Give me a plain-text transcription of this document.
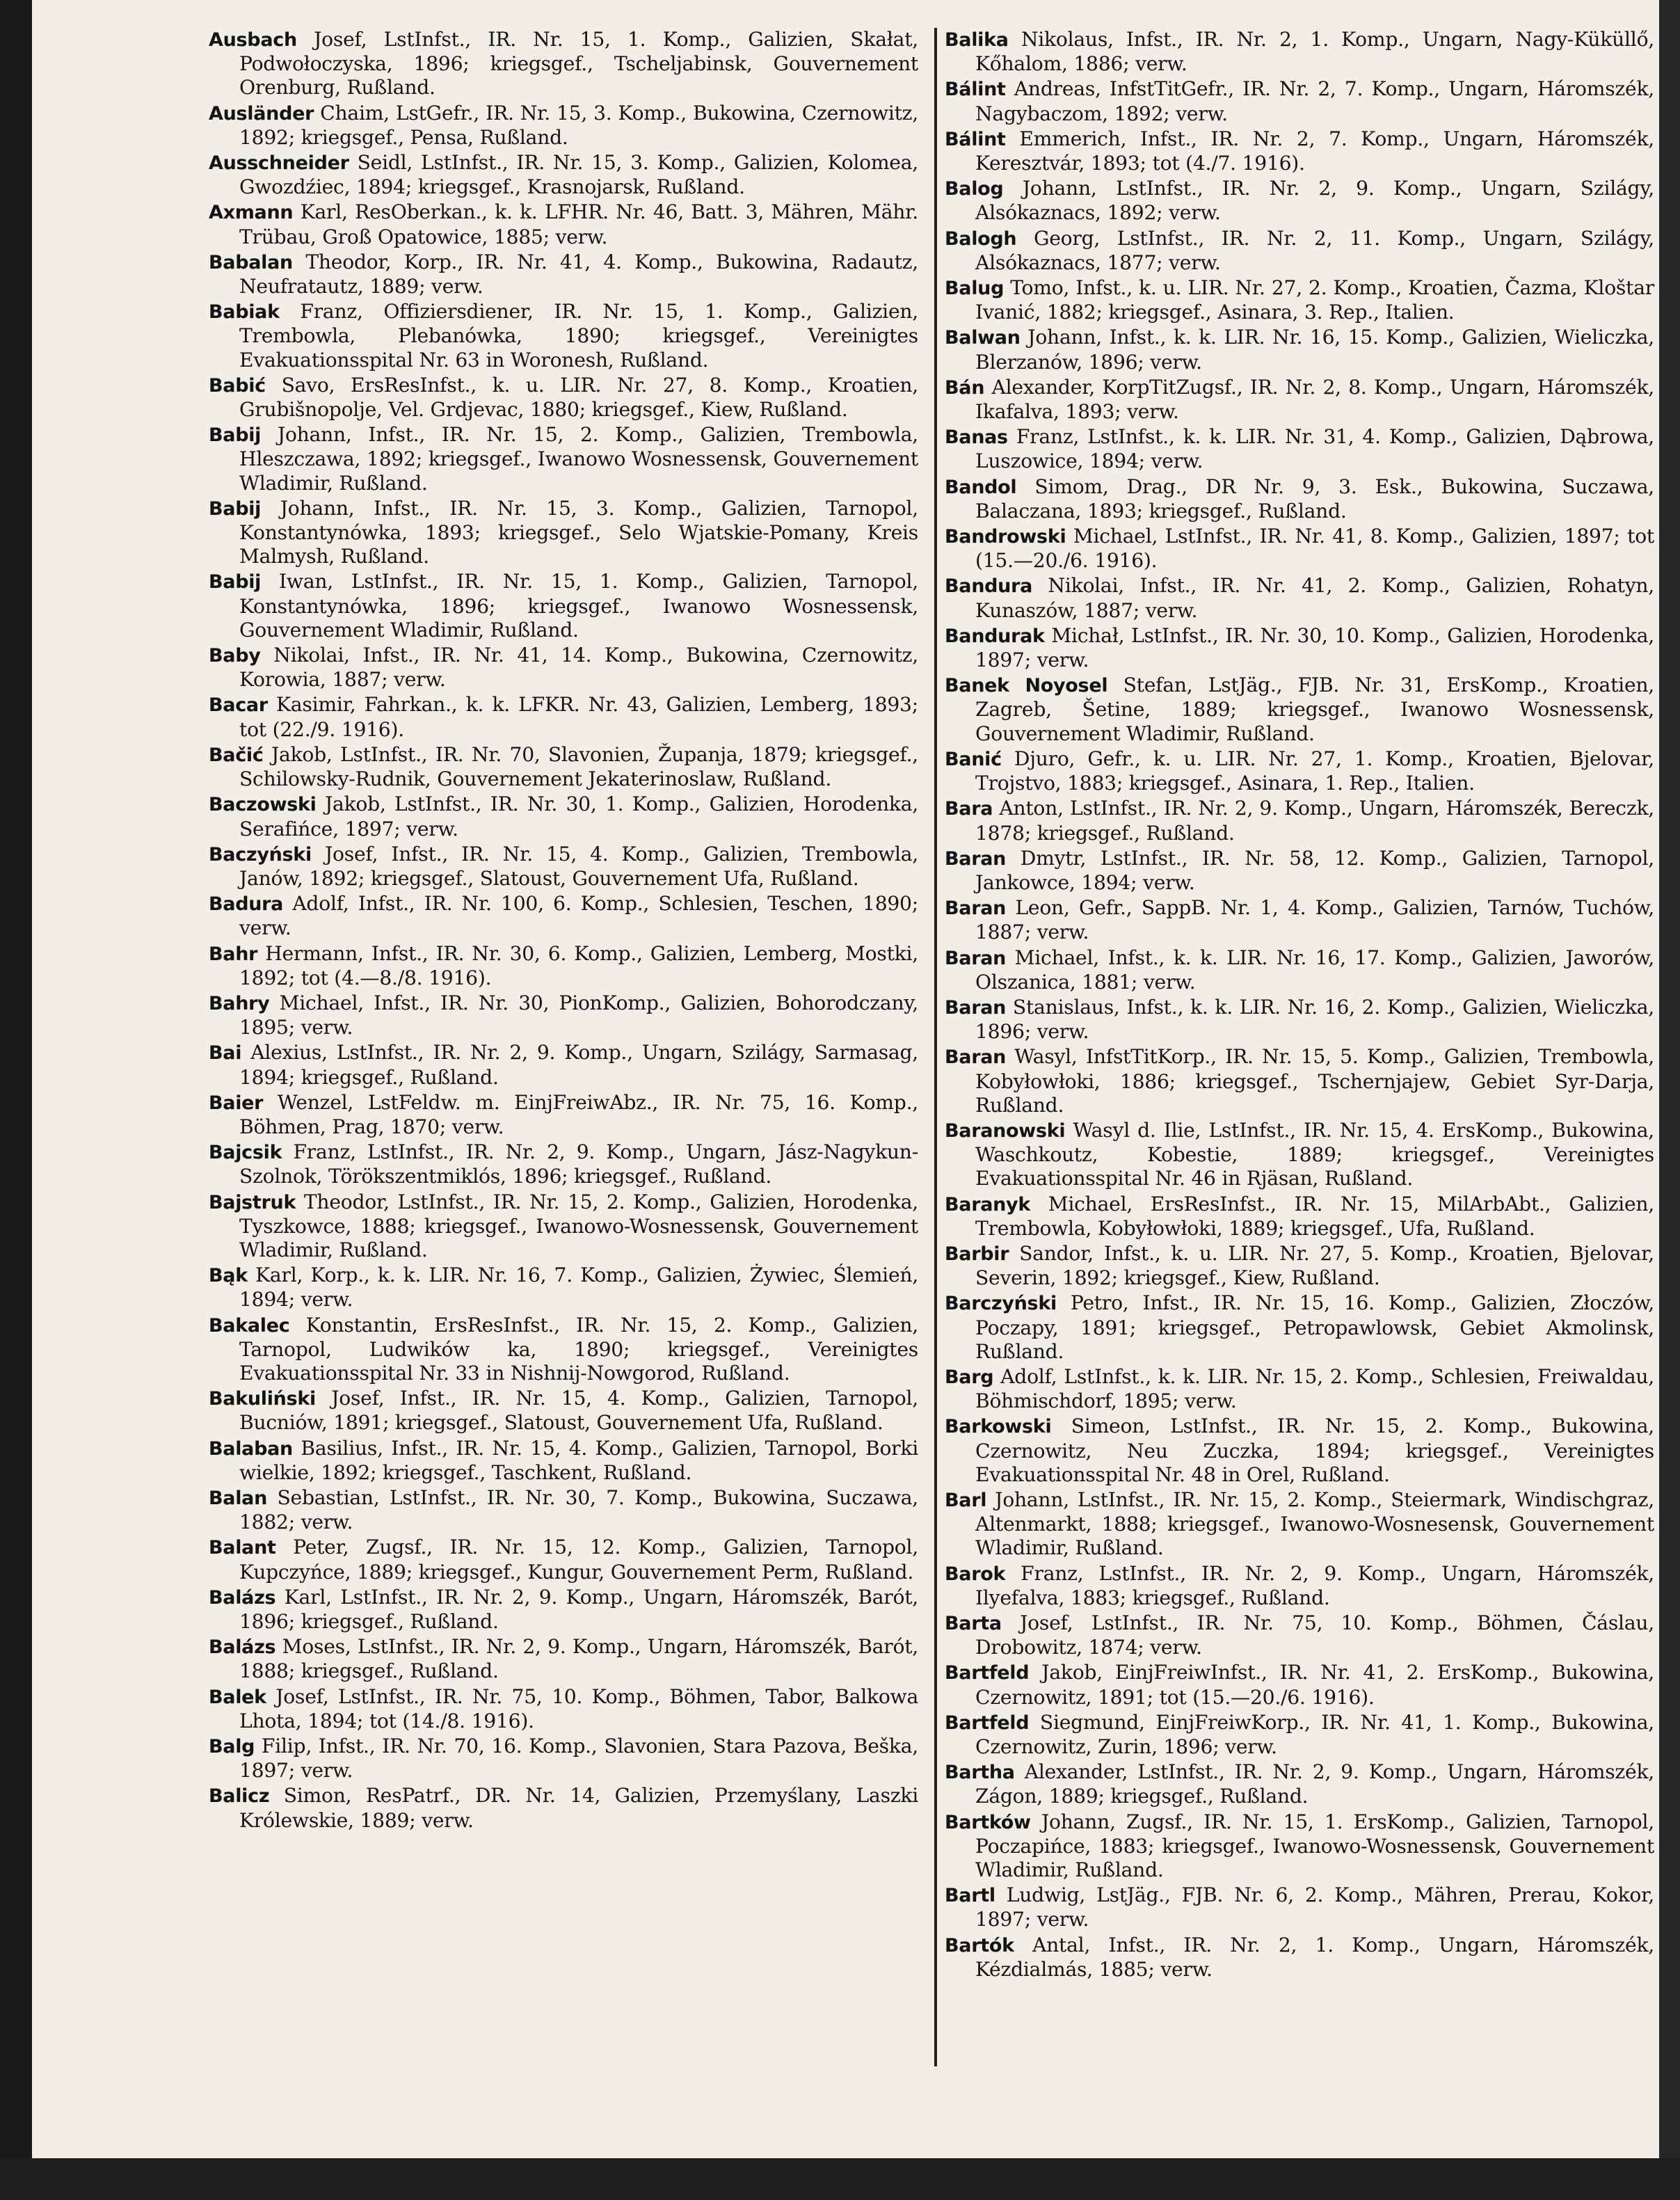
Ausbach Josef, LstInfst., IR. Nr. 15, 1. Komp., Galizien, Skałat, Podwołoczyska, 1896; kriegsgef., Tscheljabinsk, Gouvernement Orenburg, Rußland.

Ausländer Chaim, LstGefr., IR. Nr. 15, 3. Komp., Bukowina, Czernowitz, 1892; kriegsgef., Pensa, Rußland.

Ausschneider Seidl, LstInfst., IR. Nr. 15, 3. Komp., Galizien, Kolomea, Gwozdźiec, 1894; kriegsgef., Krasnojarsk, Rußland.

Axmann Karl, ResOberkan., k. k. LFHR. Nr. 46, Batt. 3, Mähren, Mähr. Trübau, Groß Opatowice, 1885; verw.

Babalan Theodor, Korp., IR. Nr. 41, 4. Komp., Bukowina, Radautz, Neufratautz, 1889; verw.

Babiak Franz, Offiziersdiener, IR. Nr. 15, 1. Komp., Galizien, Trembowla, Plebanówka, 1890; kriegsgef., Vereinigtes Evakuationsspital Nr. 63 in Woronesh, Rußland.

Babić Savo, ErsResInfst., k. u. LIR. Nr. 27, 8. Komp., Kroatien, Grubišnopolje, Vel. Grdjevac, 1880; kriegsgef., Kiew, Rußland.

Babij Johann, Infst., IR. Nr. 15, 2. Komp., Galizien, Trembowla, Hleszczawa, 1892; kriegsgef., Iwanowo Wosnessensk, Gouvernement Wladimir, Rußland.

Babij Johann, Infst., IR. Nr. 15, 3. Komp., Galizien, Tarnopol, Konstantynówka, 1893; kriegsgef., Selo Wjatskie-Pomany, Kreis Malmysh, Rußland.

Babij Iwan, LstInfst., IR. Nr. 15, 1. Komp., Galizien, Tarnopol, Konstantynówka, 1896; kriegsgef., Iwanowo Wosnessensk, Gouvernement Wladimir, Rußland.

Baby Nikolai, Infst., IR. Nr. 41, 14. Komp., Bukowina, Czernowitz, Korowia, 1887; verw.

Bacar Kasimir, Fahrkan., k. k. LFKR. Nr. 43, Galizien, Lemberg, 1893; tot (22./9. 1916).

Bačić Jakob, LstInfst., IR. Nr. 70, Slavonien, Županja, 1879; kriegsgef., Schilowsky-Rudnik, Gouvernement Jekaterinoslaw, Rußland.

Baczowski Jakob, LstInfst., IR. Nr. 30, 1. Komp., Galizien, Horodenka, Serafińce, 1897; verw.

Baczyński Josef, Infst., IR. Nr. 15, 4. Komp., Galizien, Trembowla, Janów, 1892; kriegsgef., Slatoust, Gouvernement Ufa, Rußland.

Badura Adolf, Infst., IR. Nr. 100, 6. Komp., Schlesien, Teschen, 1890; verw.

Bahr Hermann, Infst., IR. Nr. 30, 6. Komp., Galizien, Lemberg, Mostki, 1892; tot (4.—8./8. 1916).

Bahry Michael, Infst., IR. Nr. 30, PionKomp., Galizien, Bohorodczany, 1895; verw.

Bai Alexius, LstInfst., IR. Nr. 2, 9. Komp., Ungarn, Szilágy, Sarmasag, 1894; kriegsgef., Rußland.

Baier Wenzel, LstFeldw. m. EinjFreiwAbz., IR. Nr. 75, 16. Komp., Böhmen, Prag, 1870; verw.

Bajcsik Franz, LstInfst., IR. Nr. 2, 9. Komp., Ungarn, Jász-Nagykun-Szolnok, Törökszentmiklós, 1896; kriegsgef., Rußland.

Bajstruk Theodor, LstInfst., IR. Nr. 15, 2. Komp., Galizien, Horodenka, Tyszkowce, 1888; kriegsgef., Iwanowo-Wosnessensk, Gouvernement Wladimir, Rußland.

Bąk Karl, Korp., k. k. LIR. Nr. 16, 7. Komp., Galizien, Żywiec, Ślemień, 1894; verw.

Bakalec Konstantin, ErsResInfst., IR. Nr. 15, 2. Komp., Galizien, Tarnopol, Ludwików ka, 1890; kriegsgef., Vereinigtes Evakuationsspital Nr. 33 in Nishnij-Nowgorod, Rußland.

Bakuliński Josef, Infst., IR. Nr. 15, 4. Komp., Galizien, Tarnopol, Bucniów, 1891; kriegsgef., Slatoust, Gouvernement Ufa, Rußland.

Balaban Basilius, Infst., IR. Nr. 15, 4. Komp., Galizien, Tarnopol, Borki wielkie, 1892; kriegsgef., Taschkent, Rußland.

Balan Sebastian, LstInfst., IR. Nr. 30, 7. Komp., Bukowina, Suczawa, 1882; verw.

Balant Peter, Zugsf., IR. Nr. 15, 12. Komp., Galizien, Tarnopol, Kupczyńce, 1889; kriegsgef., Kungur, Gouvernement Perm, Rußland.

Balázs Karl, LstInfst., IR. Nr. 2, 9. Komp., Ungarn, Háromszék, Barót, 1896; kriegsgef., Rußland.

Balázs Moses, LstInfst., IR. Nr. 2, 9. Komp., Ungarn, Háromszék, Barót, 1888; kriegsgef., Rußland.

Balek Josef, LstInfst., IR. Nr. 75, 10. Komp., Böhmen, Tabor, Balkowa Lhota, 1894; tot (14./8. 1916).

Balg Filip, Infst., IR. Nr. 70, 16. Komp., Slavonien, Stara Pazova, Beška, 1897; verw.

Balicz Simon, ResPatrf., DR. Nr. 14, Galizien, Przemyślany, Laszki Królewskie, 1889; verw.

Balika Nikolaus, Infst., IR. Nr. 2, 1. Komp., Ungarn, Nagy-Küküllő, Kőhalom, 1886; verw.

Bálint Andreas, InfstTitGefr., IR. Nr. 2, 7. Komp., Ungarn, Háromszék, Nagybaczom, 1892; verw.

Bálint Emmerich, Infst., IR. Nr. 2, 7. Komp., Ungarn, Háromszék, Keresztvár, 1893; tot (4./7. 1916).

Balog Johann, LstInfst., IR. Nr. 2, 9. Komp., Ungarn, Szilágy, Alsókaznacs, 1892; verw.

Balogh Georg, LstInfst., IR. Nr. 2, 11. Komp., Ungarn, Szilágy, Alsókaznacs, 1877; verw.

Balug Tomo, Infst., k. u. LIR. Nr. 27, 2. Komp., Kroatien, Čazma, Kloštar Ivanić, 1882; kriegsgef., Asinara, 3. Rep., Italien.

Balwan Johann, Infst., k. k. LIR. Nr. 16, 15. Komp., Galizien, Wieliczka, Blerzanów, 1896; verw.

Bán Alexander, KorpTitZugsf., IR. Nr. 2, 8. Komp., Ungarn, Háromszék, Ikafalva, 1893; verw.

Banas Franz, LstInfst., k. k. LIR. Nr. 31, 4. Komp., Galizien, Dąbrowa, Luszowice, 1894; verw.

Bandol Simom, Drag., DR Nr. 9, 3. Esk., Bukowina, Suczawa, Balaczana, 1893; kriegsgef., Rußland.

Bandrowski Michael, LstInfst., IR. Nr. 41, 8. Komp., Galizien, 1897; tot (15.—20./6. 1916).

Bandura Nikolai, Infst., IR. Nr. 41, 2. Komp., Galizien, Rohatyn, Kunaszów, 1887; verw.

Bandurak Michał, LstInfst., IR. Nr. 30, 10. Komp., Galizien, Horodenka, 1897; verw.

Banek Noyosel Stefan, LstJäg., FJB. Nr. 31, ErsKomp., Kroatien, Zagreb, Šetine, 1889; kriegsgef., Iwanowo Wosnessensk, Gouvernement Wladimir, Rußland.

Banić Djuro, Gefr., k. u. LIR. Nr. 27, 1. Komp., Kroatien, Bjelovar, Trojstvo, 1883; kriegsgef., Asinara, 1. Rep., Italien.

Bara Anton, LstInfst., IR. Nr. 2, 9. Komp., Ungarn, Háromszék, Bereczk, 1878; kriegsgef., Rußland.

Baran Dmytr, LstInfst., IR. Nr. 58, 12. Komp., Galizien, Tarnopol, Jankowce, 1894; verw.

Baran Leon, Gefr., SappB. Nr. 1, 4. Komp., Galizien, Tarnów, Tuchów, 1887; verw.

Baran Michael, Infst., k. k. LIR. Nr. 16, 17. Komp., Galizien, Jaworów, Olszanica, 1881; verw.

Baran Stanislaus, Infst., k. k. LIR. Nr. 16, 2. Komp., Galizien, Wieliczka, 1896; verw.

Baran Wasyl, InfstTitKorp., IR. Nr. 15, 5. Komp., Galizien, Trembowla, Kobyłowłoki, 1886; kriegsgef., Tschernjajew, Gebiet Syr-Darja, Rußland.

Baranowski Wasyl d. Ilie, LstInfst., IR. Nr. 15, 4. ErsKomp., Bukowina, Waschkoutz, Kobestie, 1889; kriegsgef., Vereinigtes Evakuationsspital Nr. 46 in Rjäsan, Rußland.

Baranyk Michael, ErsResInfst., IR. Nr. 15, MilArbAbt., Galizien, Trembowla, Kobyłowłoki, 1889; kriegsgef., Ufa, Rußland.

Barbir Sandor, Infst., k. u. LIR. Nr. 27, 5. Komp., Kroatien, Bjelovar, Severin, 1892; kriegsgef., Kiew, Rußland.

Barczyński Petro, Infst., IR. Nr. 15, 16. Komp., Galizien, Złoczów, Poczapy, 1891; kriegsgef., Petropawlowsk, Gebiet Akmolinsk, Rußland.

Barg Adolf, LstInfst., k. k. LIR. Nr. 15, 2. Komp., Schlesien, Freiwaldau, Böhmischdorf, 1895; verw.

Barkowski Simeon, LstInfst., IR. Nr. 15, 2. Komp., Bukowina, Czernowitz, Neu Zuczka, 1894; kriegsgef., Vereinigtes Evakuationsspital Nr. 48 in Orel, Rußland.

Barl Johann, LstInfst., IR. Nr. 15, 2. Komp., Steiermark, Windischgraz, Altenmarkt, 1888; kriegsgef., Iwanowo-Wosnesensk, Gouvernement Wladimir, Rußland.

Barok Franz, LstInfst., IR. Nr. 2, 9. Komp., Ungarn, Háromszék, Ilyefalva, 1883; kriegsgef., Rußland.

Barta Josef, LstInfst., IR. Nr. 75, 10. Komp., Böhmen, Čáslau, Drobowitz, 1874; verw.

Bartfeld Jakob, EinjFreiwInfst., IR. Nr. 41, 2. ErsKomp., Bukowina, Czernowitz, 1891; tot (15.—20./6. 1916).

Bartfeld Siegmund, EinjFreiwKorp., IR. Nr. 41, 1. Komp., Bukowina, Czernowitz, Zurin, 1896; verw.

Bartha Alexander, LstInfst., IR. Nr. 2, 9. Komp., Ungarn, Háromszék, Zágon, 1889; kriegsgef., Rußland.

Bartków Johann, Zugsf., IR. Nr. 15, 1. ErsKomp., Galizien, Tarnopol, Poczapińce, 1883; kriegsgef., Iwanowo-Wosnessensk, Gouvernement Wladimir, Rußland.

Bartl Ludwig, LstJäg., FJB. Nr. 6, 2. Komp., Mähren, Prerau, Kokor, 1897; verw.

Bartók Antal, Infst., IR. Nr. 2, 1. Komp., Ungarn, Háromszék, Kézdialmás, 1885; verw.
